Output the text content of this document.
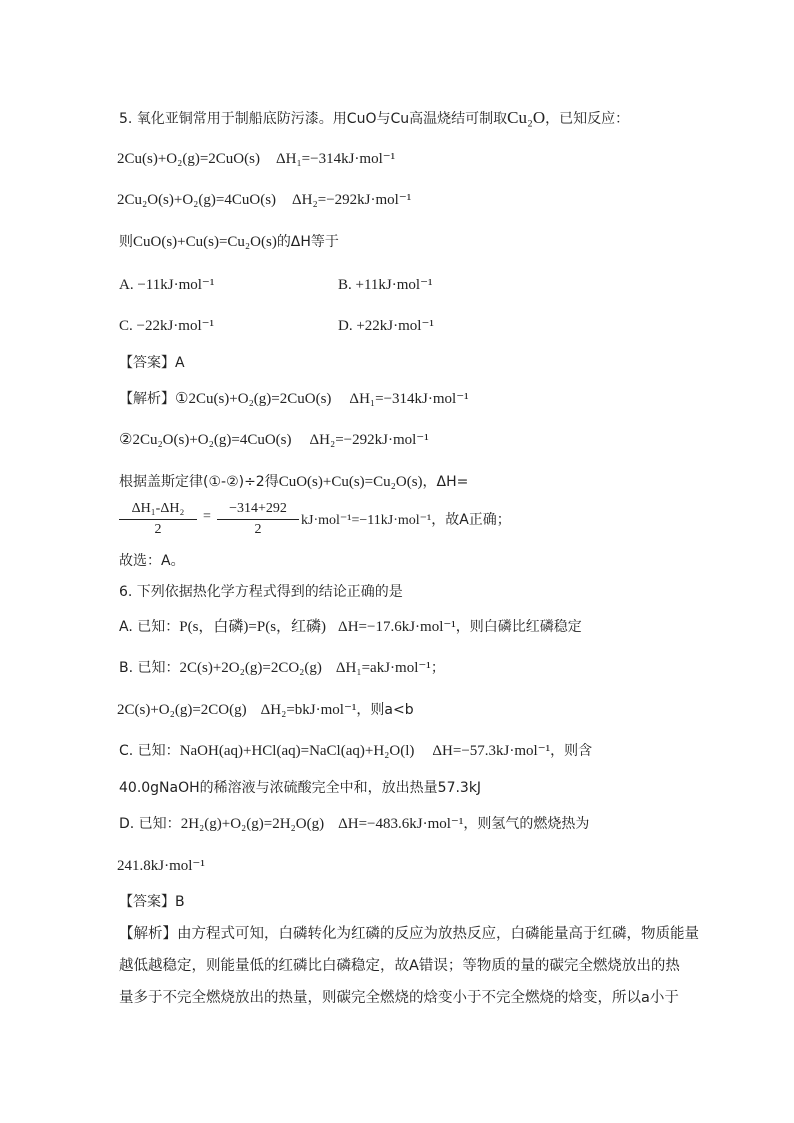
5. 氧化亚铜常用于制船底防污漆。用CuO与Cu高温烧结可制取Cu₂O，已知反应：
2Cu(s)+O₂(g)=2CuO(s) ΔH₁=−314kJ·mol⁻¹
2Cu₂O(s)+O₂(g)=4CuO(s) ΔH₂=−292kJ·mol⁻¹
则CuO(s)+Cu(s)=Cu₂O(s)的ΔH等于
A. −11kJ·mol⁻¹	B. +11kJ·mol⁻¹
C. −22kJ·mol⁻¹	D. +22kJ·mol⁻¹
【答案】A
【解析】①2Cu(s)+O₂(g)=2CuO(s) ΔH₁=−314kJ·mol⁻¹
②2Cu₂O(s)+O₂(g)=4CuO(s) ΔH₂=−292kJ·mol⁻¹
根据盖斯定律(①-②)÷2得CuO(s)+Cu(s)=Cu₂O(s)，ΔH=
$\frac{\text{ΔH₁-ΔH₂}}{2} = \frac{-314+292}{2} kJ\cdot mol^{-1}=-11kJ\cdot mol^{-1}$，故A正确；
故选：A。
6. 下列依据热化学方程式得到的结论正确的是
A. 已知：P(s，白磷)=P(s，红磷) ΔH=−17.6kJ·mol⁻¹，则白磷比红磷稳定
B. 已知：2C(s)+2O₂(g)=2CO₂(g) ΔH₁=akJ·mol⁻¹；
2C(s)+O₂(g)=2CO(g) ΔH₂=bkJ·mol⁻¹，则a<b
C. 已知：NaOH(aq)+HCl(aq)=NaCl(aq)+H₂O(l) ΔH=−57.3kJ·mol⁻¹，则含
40.0gNaOH的稀溶液与浓硫酸完全中和，放出热量57.3kJ
D. 已知：2H₂(g)+O₂(g)=2H₂O(g) ΔH=−483.6kJ·mol⁻¹，则氢气的燃烧热为
241.8kJ·mol⁻¹
【答案】B
【解析】由方程式可知，白磷转化为红磷的反应为放热反应，白磷能量高于红磷，物质能量
越低越稳定，则能量低的红磷比白磷稳定，故A错误；等物质的量的碳完全燃烧放出的热
量多于不完全燃烧放出的热量，则碳完全燃烧的焓变小于不完全燃烧的焓变，所以a小于
